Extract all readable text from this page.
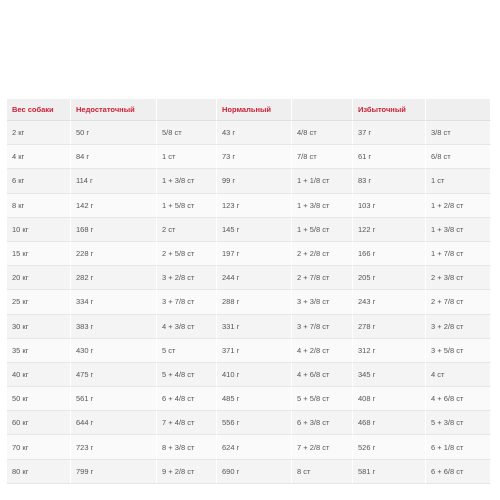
Вес собаки	Недостаточный		Нормальный		Избыточный	
2 кг	50 г	5/8 ст	43 г	4/8 ст	37 г	3/8 ст
4 кг	84 г	1 ст	73 г	7/8 ст	61 г	6/8 ст
6 кг	114 г	1 + 3/8 ст	99 г	1 + 1/8 ст	83 г	1 ст
8 кг	142 г	1 + 5/8 ст	123 г	1 + 3/8 ст	103 г	1 + 2/8 ст
10 кг	168 г	2 ст	145 г	1 + 5/8 ст	122 г	1 + 3/8 ст
15 кг	228 г	2 + 5/8 ст	197 г	2 + 2/8 ст	166 г	1 + 7/8 ст
20 кг	282 г	3 + 2/8 ст	244 г	2 + 7/8 ст	205 г	2 + 3/8 ст
25 кг	334 г	3 + 7/8 ст	288 г	3 + 3/8 ст	243 г	2 + 7/8 ст
30 кг	383 г	4 + 3/8 ст	331 г	3 + 7/8 ст	278 г	3 + 2/8 ст
35 кг	430 г	5 ст	371 г	4 + 2/8 ст	312 г	3 + 5/8 ст
40 кг	475 г	5 + 4/8 ст	410 г	4 + 6/8 ст	345 г	4 ст
50 кг	561 г	6 + 4/8 ст	485 г	5 + 5/8 ст	408 г	4 + 6/8 ст
60 кг	644 г	7 + 4/8 ст	556 г	6 + 3/8 ст	468 г	5 + 3/8 ст
70 кг	723 г	8 + 3/8 ст	624 г	7 + 2/8 ст	526 г	6 + 1/8 ст
80 кг	799 г	9 + 2/8 ст	690 г	8 ст	581 г	6 + 6/8 ст
